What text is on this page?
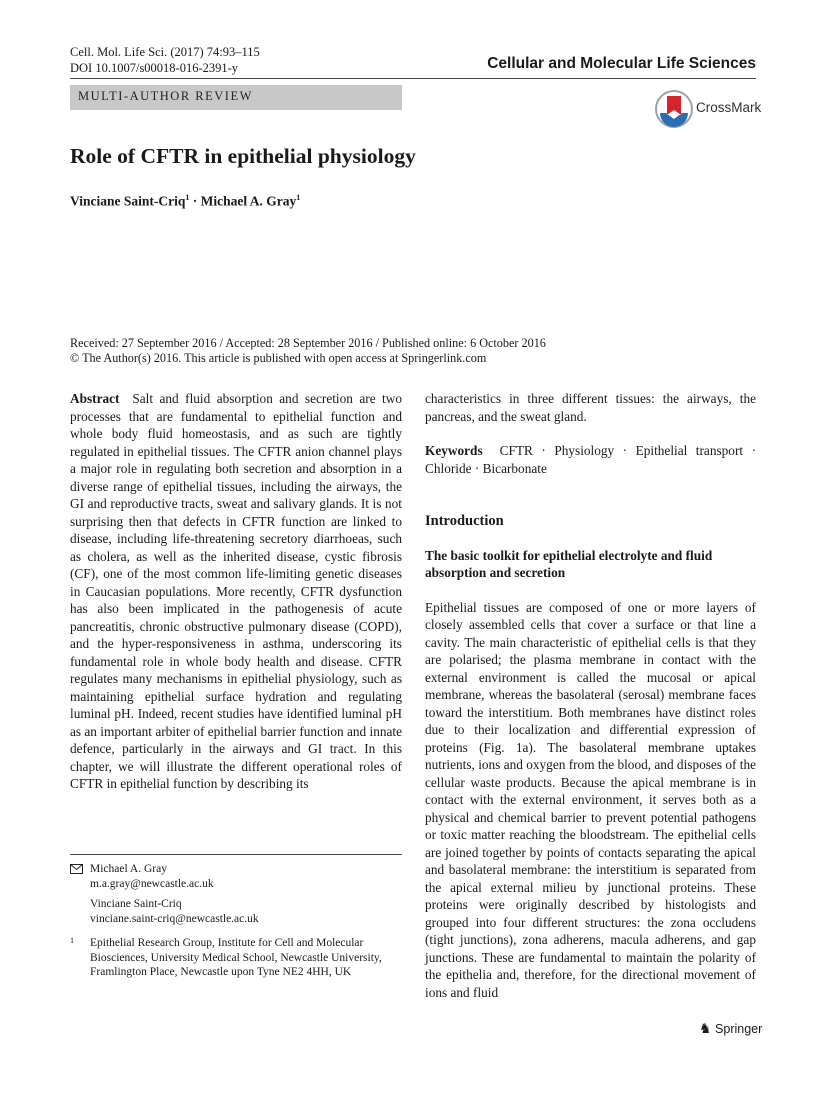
Cell. Mol. Life Sci. (2017) 74:93–115
DOI 10.1007/s00018-016-2391-y	Cellular and Molecular Life Sciences
MULTI-AUTHOR REVIEW
CrossMark
Role of CFTR in epithelial physiology
Vinciane Saint-Criq$^1$ · Michael A. Gray$^1$
Received: 27 September 2016 / Accepted: 28 September 2016 / Published online: 6 October 2016
© The Author(s) 2016. This article is published with open access at Springerlink.com

Abstract Salt and fluid absorption and secretion are two processes that are fundamental to epithelial function and whole body fluid homeostasis, and as such are tightly regulated in epithelial tissues. The CFTR anion channel plays a major role in regulating both secretion and absorption in a diverse range of epithelial tissues, including the airways, the GI and reproductive tracts, sweat and salivary glands. It is not surprising then that defects in CFTR function are linked to disease, including life-threatening secretory diarrhoeas, such as cholera, as well as the inherited disease, cystic fibrosis (CF), one of the most common life-limiting genetic diseases in Caucasian populations. More recently, CFTR dysfunction has also been implicated in the pathogenesis of acute pancreatitis, chronic obstructive pulmonary disease (COPD), and the hyper-responsiveness in asthma, underscoring its fundamental role in whole body health and disease. CFTR regulates many mechanisms in epithelial physiology, such as maintaining epithelial surface hydration and regulating luminal pH. Indeed, recent studies have identified luminal pH as an important arbiter of epithelial barrier function and innate defence, particularly in the airways and GI tract. In this chapter, we will illustrate the different operational roles of CFTR in epithelial function by describing its

Michael A. Gray
m.a.gray@newcastle.ac.uk
Vinciane Saint-Criq
vinciane.saint-criq@newcastle.ac.uk
1 Epithelial Research Group, Institute for Cell and Molecular Biosciences, University Medical School, Newcastle University, Framlington Place, Newcastle upon Tyne NE2 4HH, UK

characteristics in three different tissues: the airways, the pancreas, and the sweat gland.

Keywords CFTR · Physiology · Epithelial transport · Chloride · Bicarbonate

Introduction
The basic toolkit for epithelial electrolyte and fluid absorption and secretion

Epithelial tissues are composed of one or more layers of closely assembled cells that cover a surface or that line a cavity. The main characteristic of epithelial cells is that they are polarised; the plasma membrane in contact with the external environment is called the mucosal or apical membrane, whereas the basolateral (serosal) membrane faces toward the interstitium. Both membranes have distinct roles due to their localization and differential expression of proteins (Fig. 1a). The basolateral membrane uptakes nutrients, ions and oxygen from the blood, and disposes of the cellular waste products. Because the apical membrane is in contact with the external environment, it serves both as a physical and chemical barrier to prevent potential pathogens or toxic matter reaching the bloodstream. The epithelial cells are joined together by points of contacts separating the apical and basolateral membrane: the interstitium is separated from the apical external milieu by junctional proteins. These proteins were originally described by histologists and grouped into four different structures: the zona occludens (tight junctions), zona adherens, macula adherens, and gap junctions. These are fundamental to maintain the polarity of the epithelia and, therefore, for the directional movement of ions and fluid

♞ Springer
